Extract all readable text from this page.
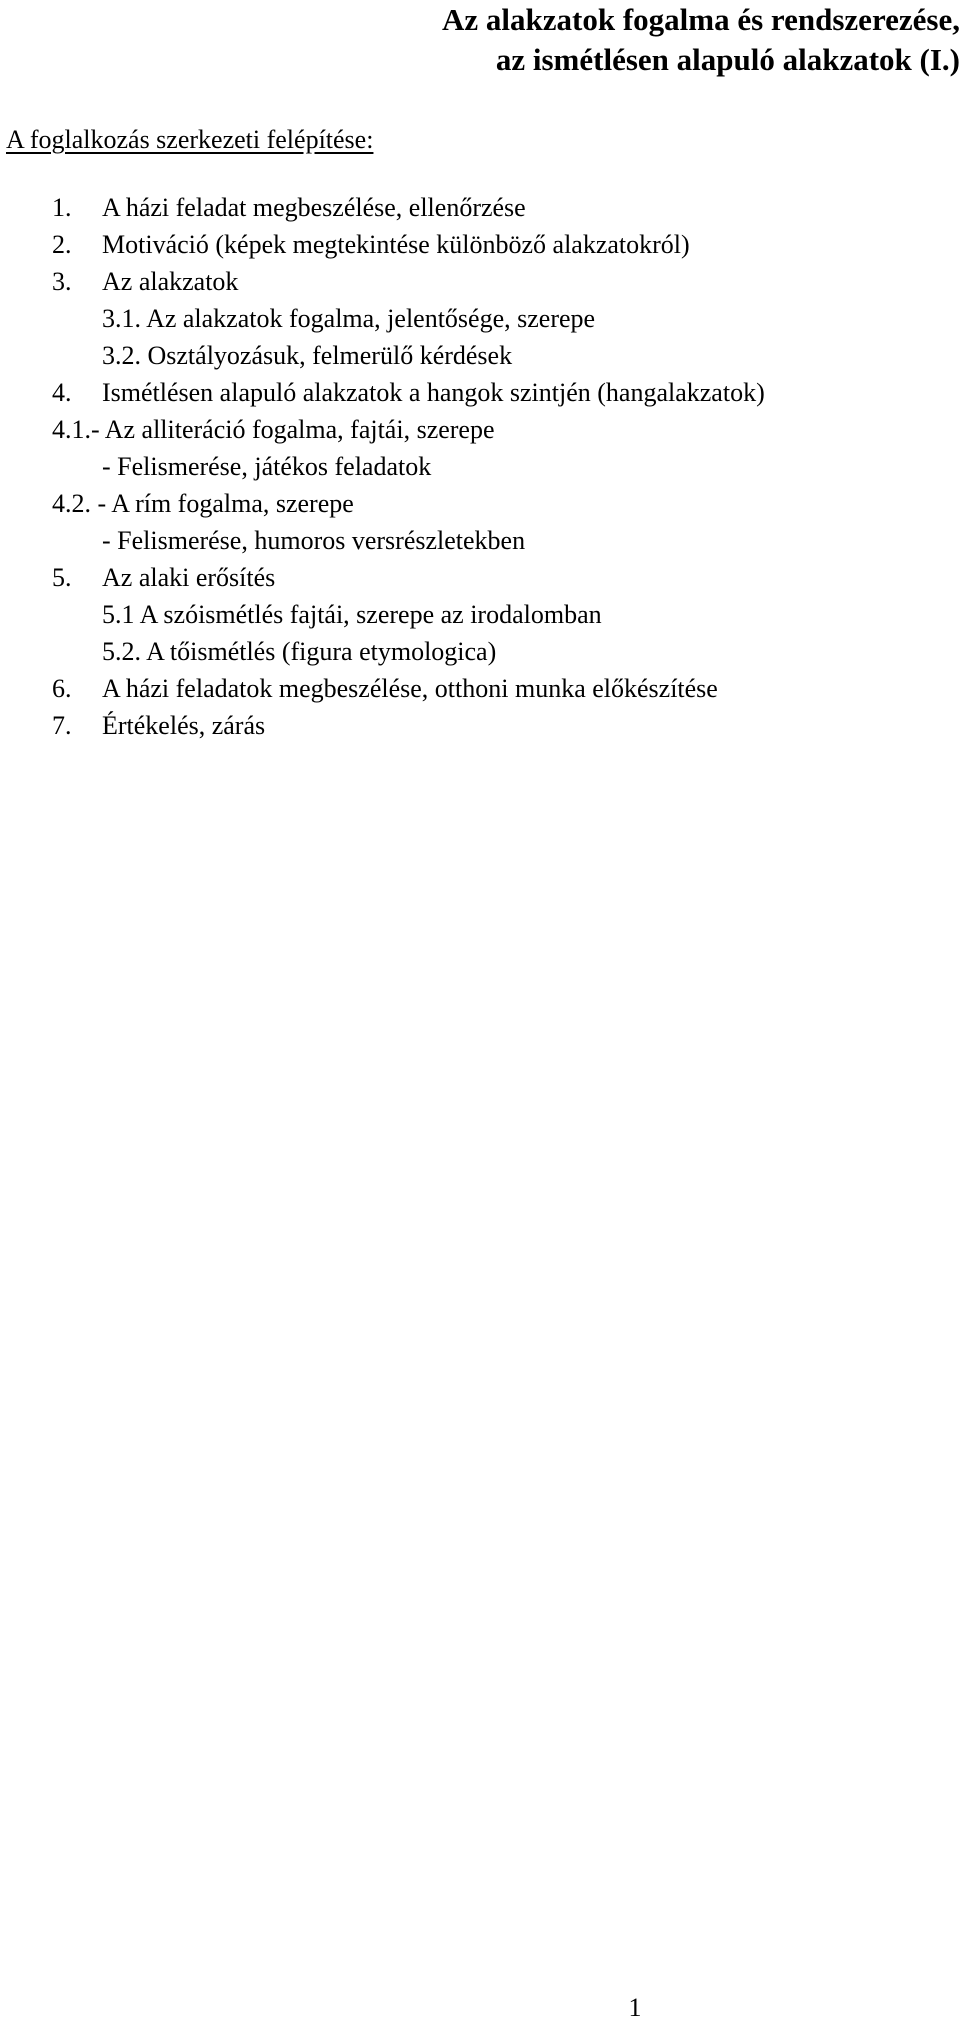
Az alakzatok fogalma és rendszerezése,
az ismétlésen alapuló alakzatok (I.)
A foglalkozás szerkezeti felépítése:
1. A házi feladat megbeszélése, ellenőrzése
2. Motiváció (képek megtekintése különböző alakzatokról)
3. Az alakzatok
3.1. Az alakzatok fogalma, jelentősége, szerepe
3.2. Osztályozásuk, felmerülő kérdések
4. Ismétlésen alapuló alakzatok a hangok szintjén (hangalakzatok)
4.1.- Az alliteráció fogalma, fajtái, szerepe
- Felismerése, játékos feladatok
4.2. - A rím fogalma, szerepe
- Felismerése, humoros versrészletekben
5. Az alaki erősítés
5.1 A szóismétlés fajtái, szerepe az irodalomban
5.2. A tőismétlés (figura etymologica)
6. A házi feladatok megbeszélése, otthoni munka előkészítése
7. Értékelés, zárás
1
